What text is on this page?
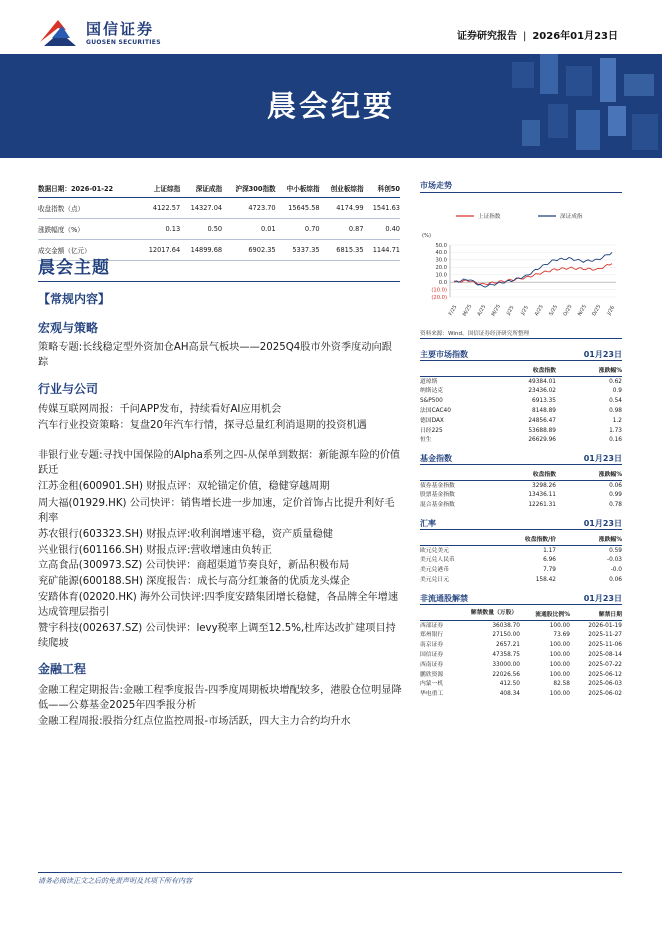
国信证券
GUOSEN SECURITIES
证券研究报告 | 2026年01月23日
晨会纪要
数据日期：2026-01-22	上证综指	深证成指	沪深300指数	中小板综指	创业板综指	科创50
收盘指数（点）	4122.57	14327.04	4723.70	15645.58	4174.99	1541.63
涨跌幅度（%）	0.13	0.50	0.01	0.70	0.87	0.40
成交金额（亿元）	12017.64	14899.68	6902.35	5337.35	6815.35	1144.71
晨会主题
【常规内容】
宏观与策略
策略专题:长线稳定型外资加仓AH高景气板块——2025Q4股市外资季度动向跟踪
行业与公司
传媒互联网周报：千问APP发布，持续看好AI应用机会
汽车行业投资策略：复盘20年汽车行情，探寻总量红利消退期的投资机遇
非银行业专题:寻找中国保险的Alpha系列之四-从保单到数据：新能源车险的价值跃迁
江苏金租(600901.SH) 财报点评：双轮锚定价值，稳健穿越周期
周大福(01929.HK) 公司快评：销售增长进一步加速，定价首饰占比提升利好毛利率
苏农银行(603323.SH) 财报点评:收利润增速平稳，资产质量稳健
兴业银行(601166.SH) 财报点评:营收增速由负转正
立高食品(300973.SZ) 公司快评：商超渠道节奏良好，新品积极布局
兖矿能源(600188.SH) 深度报告：成长与高分红兼备的优质龙头煤企
安踏体育(02020.HK) 海外公司快评:四季度安踏集团增长稳健，各品牌全年增速达成管理层指引
赞宇科技(002637.SZ) 公司快评：levy税率上调至12.5%,杜库达改扩建项目持续爬坡
金融工程
金融工程定期报告:金融工程季度报告-四季度周期板块增配较多，港股仓位明显降低——公募基金2025年四季报分析
金融工程周报:股指分红点位监控周报-市场活跃，四大主力合约均升水
市场走势
上证指数	深证成指
(%)
50.0
40.0
30.0
20.0
10.0
0.0
(10.0)
(20.0)
F/25 M/25 A/25 M/25 J/25 J/25 A/25 S/25 O/25 N/25 D/25 J/26
资料来源：Wind、国信证券经济研究所整理
主要市场指数	01月23日
	收盘指数	涨跌幅%
道琼斯	49384.01	0.62
纳斯达克	23436.02	0.9
S&P500	6913.35	0.54
法国CAC40	8148.89	0.98
德国DAX	24856.47	1.2
日经225	53688.89	1.73
恒生	26629.96	0.16
基金指数	01月23日
	收盘指数	涨跌幅%
债券基金指数	3298.26	0.06
股票基金指数	13436.11	0.99
混合基金指数	12261.31	0.78
汇率	01月23日
	收盘指数/价	涨跌幅%
欧元兑美元	1.17	0.59
美元兑人民币	6.96	-0.03
美元兑港币	7.79	-0.0
美元兑日元	158.42	0.06
非流通股解禁	01月23日
	解禁数量（万股）	流通股比例%	解禁日期
西部证券	36038.70	100.00	2026-01-19
郑州银行	27150.00	73.69	2025-11-27
南京证券	2657.21	100.00	2025-11-06
国信证券	47358.75	100.00	2025-08-14
西南证券	33000.00	100.00	2025-07-22
鹏欣资源	22026.56	100.00	2025-06-12
内蒙一机	412.50	82.58	2025-06-03
华电重工	408.34	100.00	2025-06-02
请务必阅读正文之后的免责声明及其项下所有内容
